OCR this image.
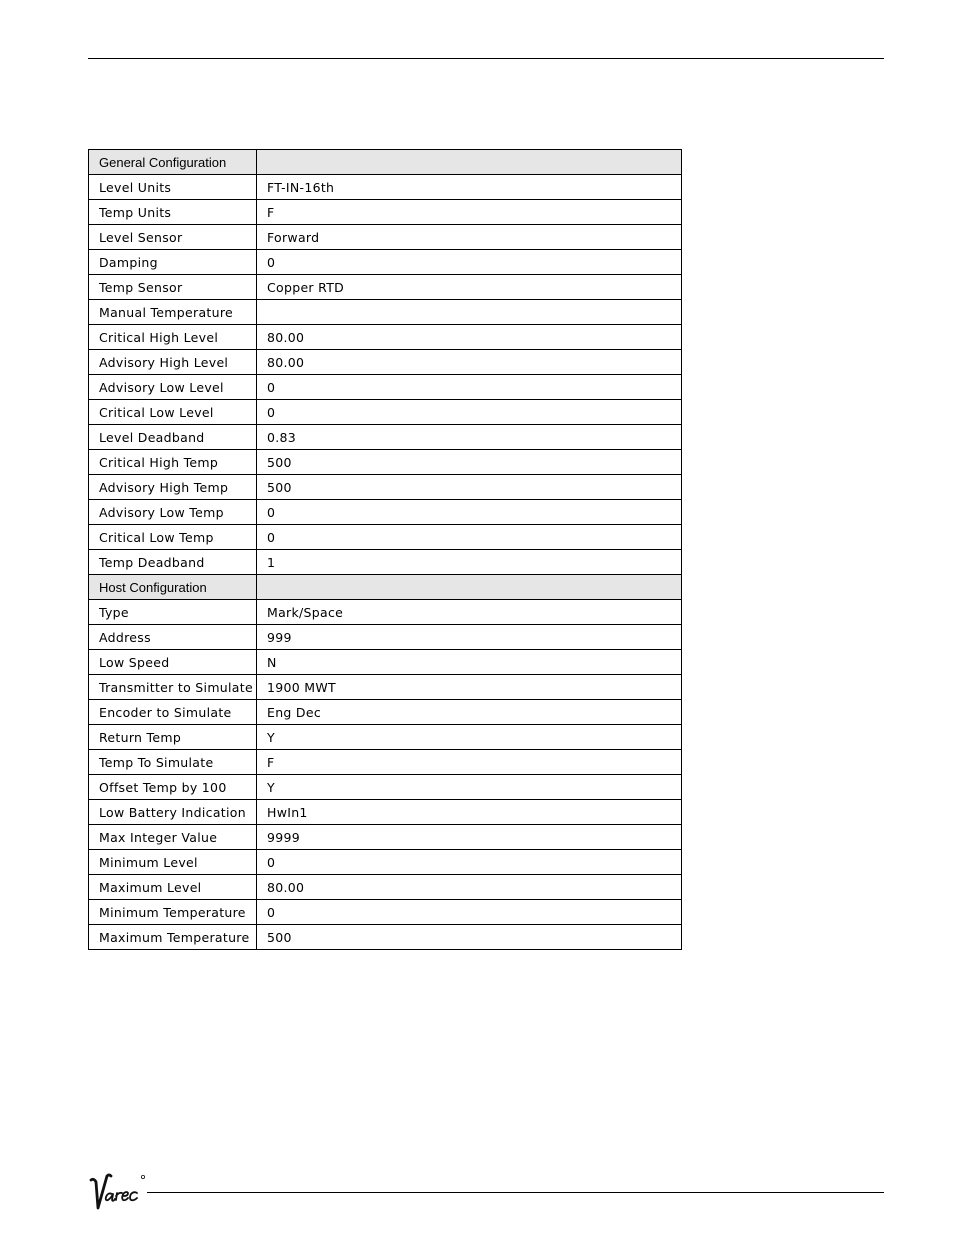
General Configuration	
Level Units	FT-IN-16th
Temp Units	F
Level Sensor	Forward
Damping	0
Temp Sensor	Copper RTD
Manual Temperature	
Critical High Level	80.00
Advisory High Level	80.00
Advisory Low Level	0
Critical Low Level	0
Level Deadband	0.83
Critical High Temp	500
Advisory High Temp	500
Advisory Low Temp	0
Critical Low Temp	0
Temp Deadband	1
Host Configuration	
Type	Mark/Space
Address	999
Low Speed	N
Transmitter to Simulate	1900 MWT
Encoder to Simulate	Eng Dec
Return Temp	Y
Temp To Simulate	F
Offset Temp by 100	Y
Low Battery Indication	HwIn1
Max Integer Value	9999
Minimum Level	0
Maximum Level	80.00
Minimum Temperature	0
Maximum Temperature	500
